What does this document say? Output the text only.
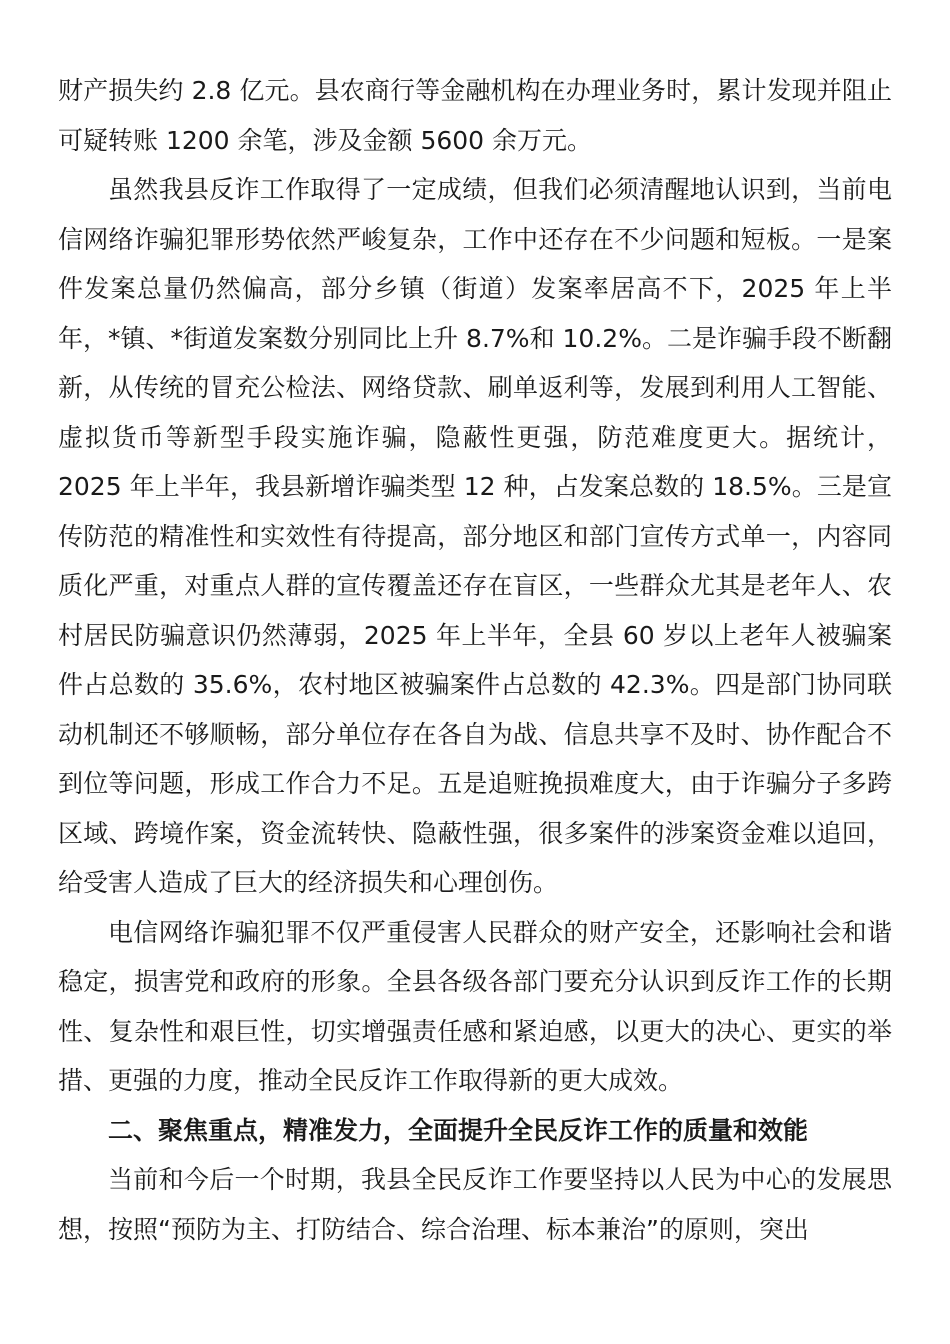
财产损失约 2.8 亿元。县农商行等金融机构在办理业务时，累计发现并阻止可疑转账 1200 余笔，涉及金额 5600 余万元。

虽然我县反诈工作取得了一定成绩，但我们必须清醒地认识到，当前电信网络诈骗犯罪形势依然严峻复杂，工作中还存在不少问题和短板。一是案件发案总量仍然偏高，部分乡镇（街道）发案率居高不下，2025 年上半年，*镇、*街道发案数分别同比上升 8.7%和 10.2%。二是诈骗手段不断翻新，从传统的冒充公检法、网络贷款、刷单返利等，发展到利用人工智能、虚拟货币等新型手段实施诈骗，隐蔽性更强，防范难度更大。据统计，2025 年上半年，我县新增诈骗类型 12 种，占发案总数的 18.5%。三是宣传防范的精准性和实效性有待提高，部分地区和部门宣传方式单一，内容同质化严重，对重点人群的宣传覆盖还存在盲区，一些群众尤其是老年人、农村居民防骗意识仍然薄弱，2025 年上半年，全县 60 岁以上老年人被骗案件占总数的 35.6%，农村地区被骗案件占总数的 42.3%。四是部门协同联动机制还不够顺畅，部分单位存在各自为战、信息共享不及时、协作配合不到位等问题，形成工作合力不足。五是追赃挽损难度大，由于诈骗分子多跨区域、跨境作案，资金流转快、隐蔽性强，很多案件的涉案资金难以追回，给受害人造成了巨大的经济损失和心理创伤。

电信网络诈骗犯罪不仅严重侵害人民群众的财产安全，还影响社会和谐稳定，损害党和政府的形象。全县各级各部门要充分认识到反诈工作的长期性、复杂性和艰巨性，切实增强责任感和紧迫感，以更大的决心、更实的举措、更强的力度，推动全民反诈工作取得新的更大成效。

二、聚焦重点，精准发力，全面提升全民反诈工作的质量和效能

当前和今后一个时期，我县全民反诈工作要坚持以人民为中心的发展思想，按照“预防为主、打防结合、综合治理、标本兼治”的原则，突出
